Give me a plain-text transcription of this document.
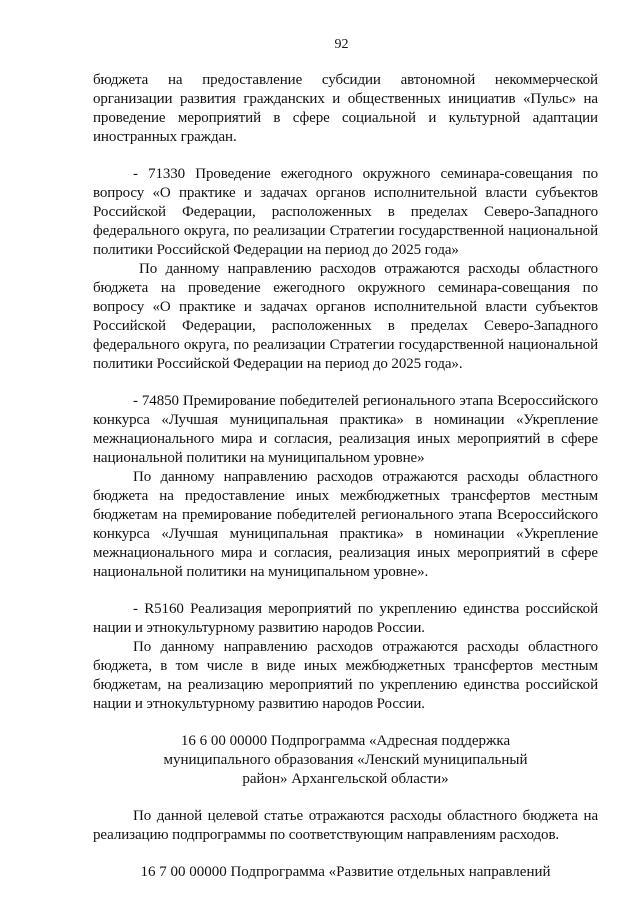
92

бюджета на предоставление субсидии автономной некоммерческой организации развития гражданских и общественных инициатив «Пульс» на проведение мероприятий в сфере социальной и культурной адаптации иностранных граждан.

- 71330 Проведение ежегодного окружного семинара-совещания по вопросу «О практике и задачах органов исполнительной власти субъектов Российской Федерации, расположенных в пределах Северо-Западного федерального округа, по реализации Стратегии государственной национальной политики Российской Федерации на период до 2025 года»

По данному направлению расходов отражаются расходы областного бюджета на проведение ежегодного окружного семинара-совещания по вопросу «О практике и задачах органов исполнительной власти субъектов Российской Федерации, расположенных в пределах Северо-Западного федерального округа, по реализации Стратегии государственной национальной политики Российской Федерации на период до 2025 года».

- 74850 Премирование победителей регионального этапа Всероссийского конкурса «Лучшая муниципальная практика» в номинации «Укрепление межнационального мира и согласия, реализация иных мероприятий в сфере национальной политики на муниципальном уровне»

По данному направлению расходов отражаются расходы областного бюджета на предоставление иных межбюджетных трансфертов местным бюджетам на премирование победителей регионального этапа Всероссийского конкурса «Лучшая муниципальная практика» в номинации «Укрепление межнационального мира и согласия, реализация иных мероприятий в сфере национальной политики на муниципальном уровне».

- R5160 Реализация мероприятий по укреплению единства российской нации и этнокультурному развитию народов России.

По данному направлению расходов отражаются расходы областного бюджета, в том числе в виде иных межбюджетных трансфертов местным бюджетам, на реализацию мероприятий по укреплению единства российской нации и этнокультурному развитию народов России.

16 6 00 00000 Подпрограмма «Адресная поддержка

муниципального образования «Ленский муниципальный

район» Архангельской области»

По данной целевой статье отражаются расходы областного бюджета на реализацию подпрограммы по соответствующим направлениям расходов.

16 7 00 00000 Подпрограмма «Развитие отдельных направлений
